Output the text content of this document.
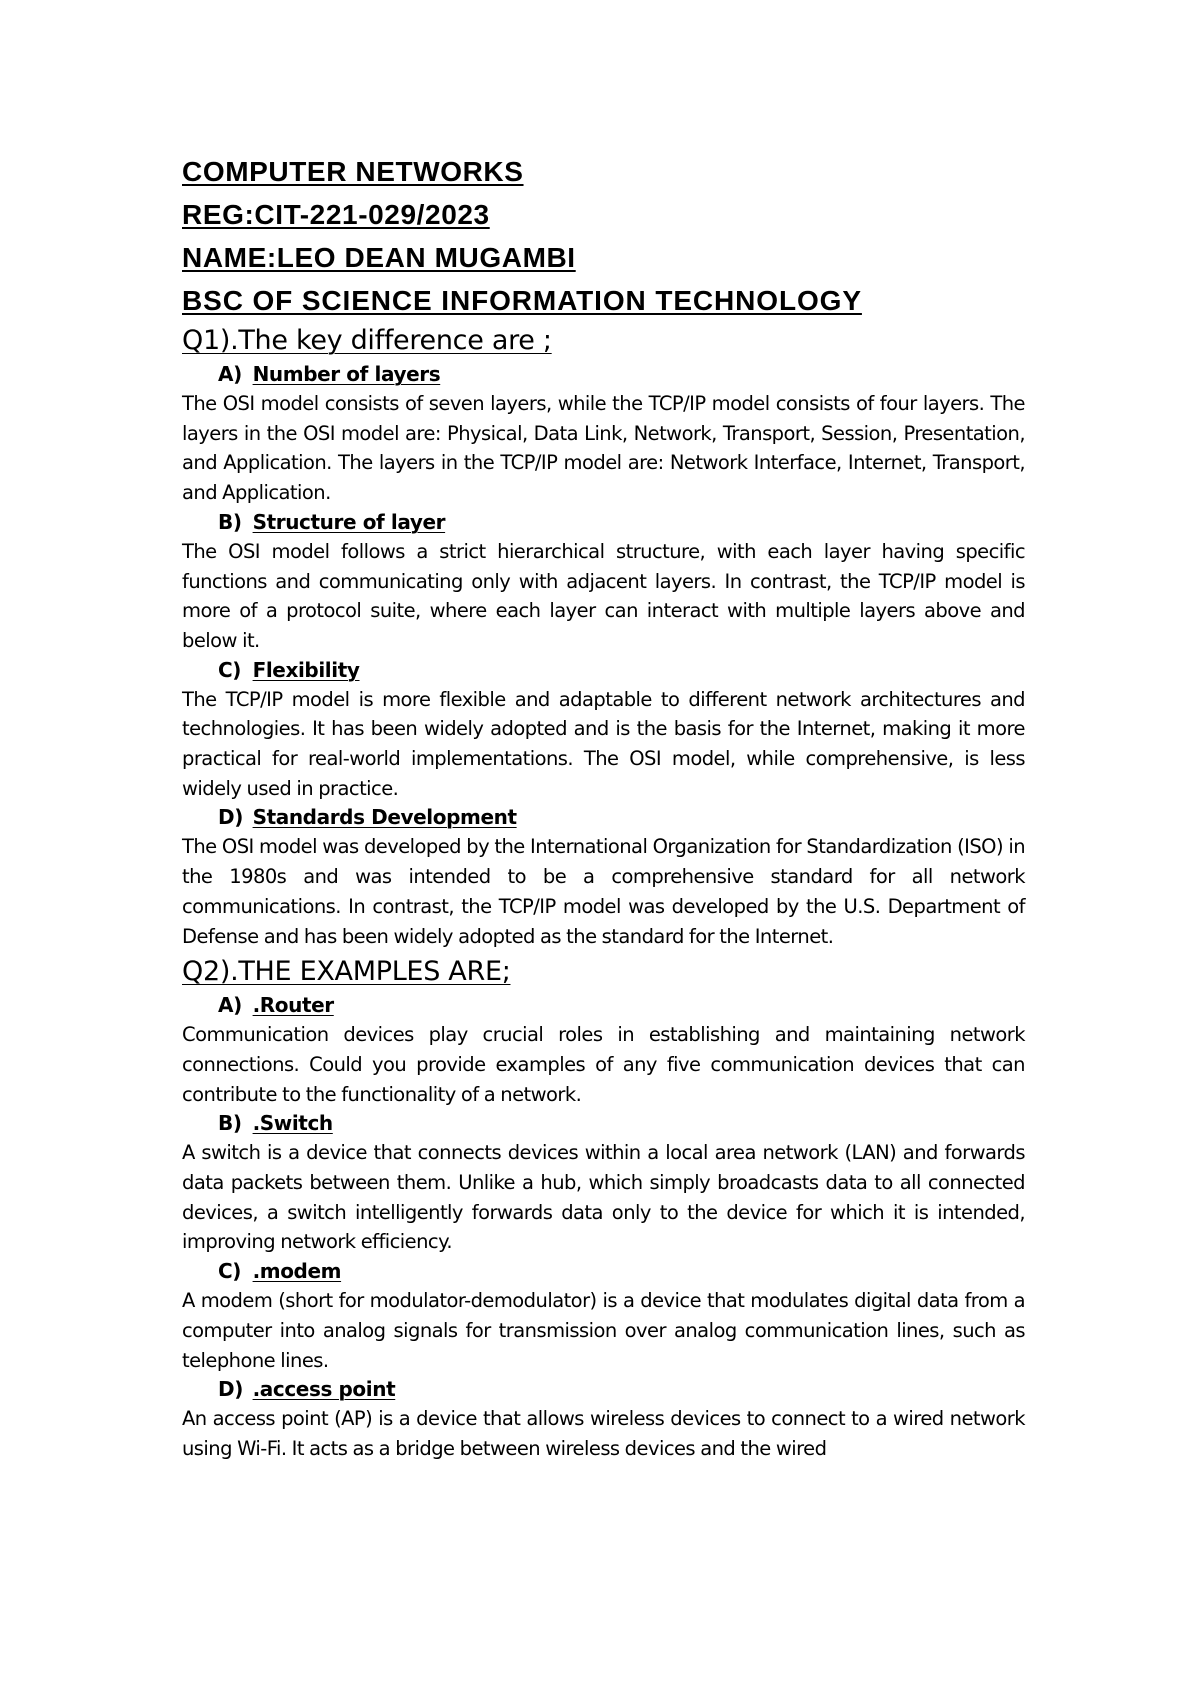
COMPUTER NETWORKS
REG:CIT-221-029/2023
NAME:LEO DEAN MUGAMBI
BSC OF SCIENCE INFORMATION TECHNOLOGY
Q1).The key difference are ;
A) Number of layers

The OSI model consists of seven layers, while the TCP/IP model consists of four layers. The layers in the OSI model are: Physical, Data Link, Network, Transport, Session, Presentation, and Application. The layers in the TCP/IP model are: Network Interface, Internet, Transport, and Application.

B) Structure of layer

The OSI model follows a strict hierarchical structure, with each layer having specific functions and communicating only with adjacent layers. In contrast, the TCP/IP model is more of a protocol suite, where each layer can interact with multiple layers above and below it.

C) Flexibility

The TCP/IP model is more flexible and adaptable to different network architectures and technologies. It has been widely adopted and is the basis for the Internet, making it more practical for real-world implementations. The OSI model, while comprehensive, is less widely used in practice.

D) Standards Development

The OSI model was developed by the International Organization for Standardization (ISO) in the 1980s and was intended to be a comprehensive standard for all network communications. In contrast, the TCP/IP model was developed by the U.S. Department of Defense and has been widely adopted as the standard for the Internet.

Q2).THE EXAMPLES ARE;
A) .Router

Communication devices play crucial roles in establishing and maintaining network connections. Could you provide examples of any five communication devices that can contribute to the functionality of a network.

B) .Switch

A switch is a device that connects devices within a local area network (LAN) and forwards data packets between them. Unlike a hub, which simply broadcasts data to all connected devices, a switch intelligently forwards data only to the device for which it is intended, improving network efficiency.

C) .modem

A modem (short for modulator-demodulator) is a device that modulates digital data from a computer into analog signals for transmission over analog communication lines, such as telephone lines.

D) .access point

An access point (AP) is a device that allows wireless devices to connect to a wired network using Wi-Fi. It acts as a bridge between wireless devices and the wired
